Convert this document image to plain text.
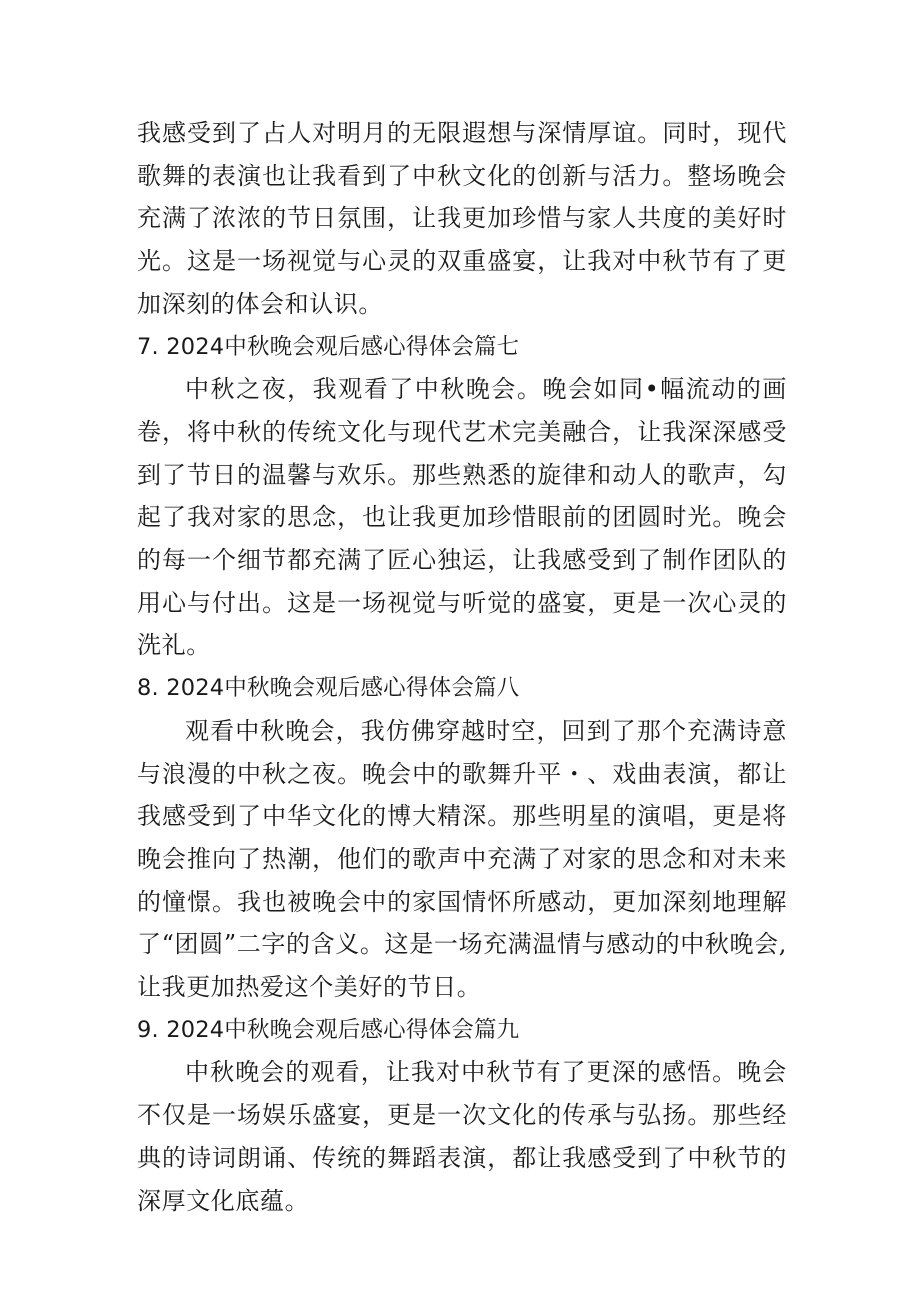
我感受到了占人对明月的无限遐想与深情厚谊。同时，现代歌舞的表演也让我看到了中秋文化的创新与活力。整场晚会充满了浓浓的节日氛围，让我更加珍惜与家人共度的美好时光。这是一场视觉与心灵的双重盛宴，让我对中秋节有了更加深刻的体会和认识。

7. 2024中秋晚会观后感心得体会篇七

中秋之夜，我观看了中秋晚会。晚会如同•幅流动的画卷，将中秋的传统文化与现代艺术完美融合，让我深深感受到了节日的温馨与欢乐。那些熟悉的旋律和动人的歌声，勾起了我对家的思念，也让我更加珍惜眼前的团圆时光。晚会的每一个细节都充满了匠心独运，让我感受到了制作团队的用心与付出。这是一场视觉与听觉的盛宴，更是一次心灵的洗礼。

8. 2024中秋晚会观后感心得体会篇八

观看中秋晚会，我仿佛穿越时空，回到了那个充满诗意与浪漫的中秋之夜。晚会中的歌舞升平・、戏曲表演，都让我感受到了中华文化的博大精深。那些明星的演唱，更是将晚会推向了热潮，他们的歌声中充满了对家的思念和对未来的憧憬。我也被晚会中的家国情怀所感动，更加深刻地理解了“团圆”二字的含义。这是一场充满温情与感动的中秋晚会,让我更加热爱这个美好的节日。

9. 2024中秋晚会观后感心得体会篇九

中秋晚会的观看，让我对中秋节有了更深的感悟。晚会不仅是一场娱乐盛宴，更是一次文化的传承与弘扬。那些经典的诗词朗诵、传统的舞蹈表演，都让我感受到了中秋节的深厚文化底蕴。
